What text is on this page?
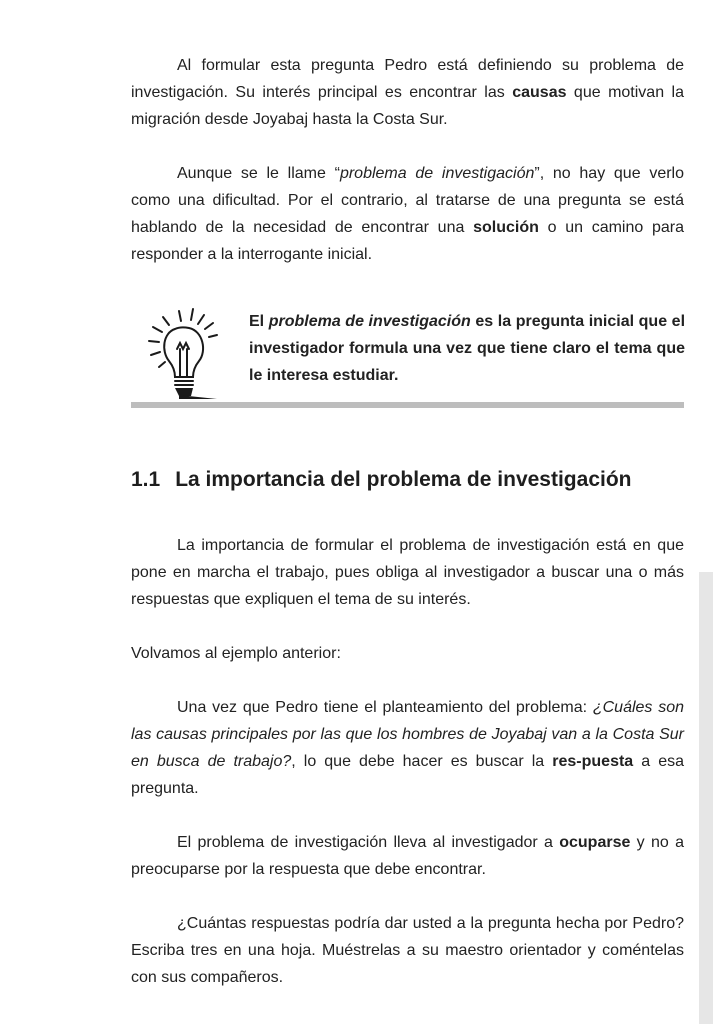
Al formular esta pregunta Pedro está definiendo su problema de investigación. Su interés principal es encontrar las causas que motivan la migración desde Joyabaj hasta la Costa Sur.

Aunque se le llame “problema de investigación”, no hay que verlo como una dificultad. Por el contrario, al tratarse de una pregunta se está hablando de la necesidad de encontrar una solución o un camino para responder a la interrogante inicial.

El problema de investigación es la pregunta inicial que el investigador formula una vez que tiene claro el tema que le interesa estudiar.

1.1 La importancia del problema de investigación

La importancia de formular el problema de investigación está en que pone en marcha el trabajo, pues obliga al investigador a buscar una o más respuestas que expliquen el tema de su interés.

Volvamos al ejemplo anterior:

Una vez que Pedro tiene el planteamiento del problema: ¿Cuáles son las causas principales por las que los hombres de Joyabaj van a la Costa Sur en busca de trabajo?, lo que debe hacer es buscar la res-puesta a esa pregunta.

El problema de investigación lleva al investigador a ocuparse y no a preocuparse por la respuesta que debe encontrar.

¿Cuántas respuestas podría dar usted a la pregunta hecha por Pedro? Escriba tres en una hoja. Muéstrelas a su maestro orientador y coméntelas con sus compañeros.
